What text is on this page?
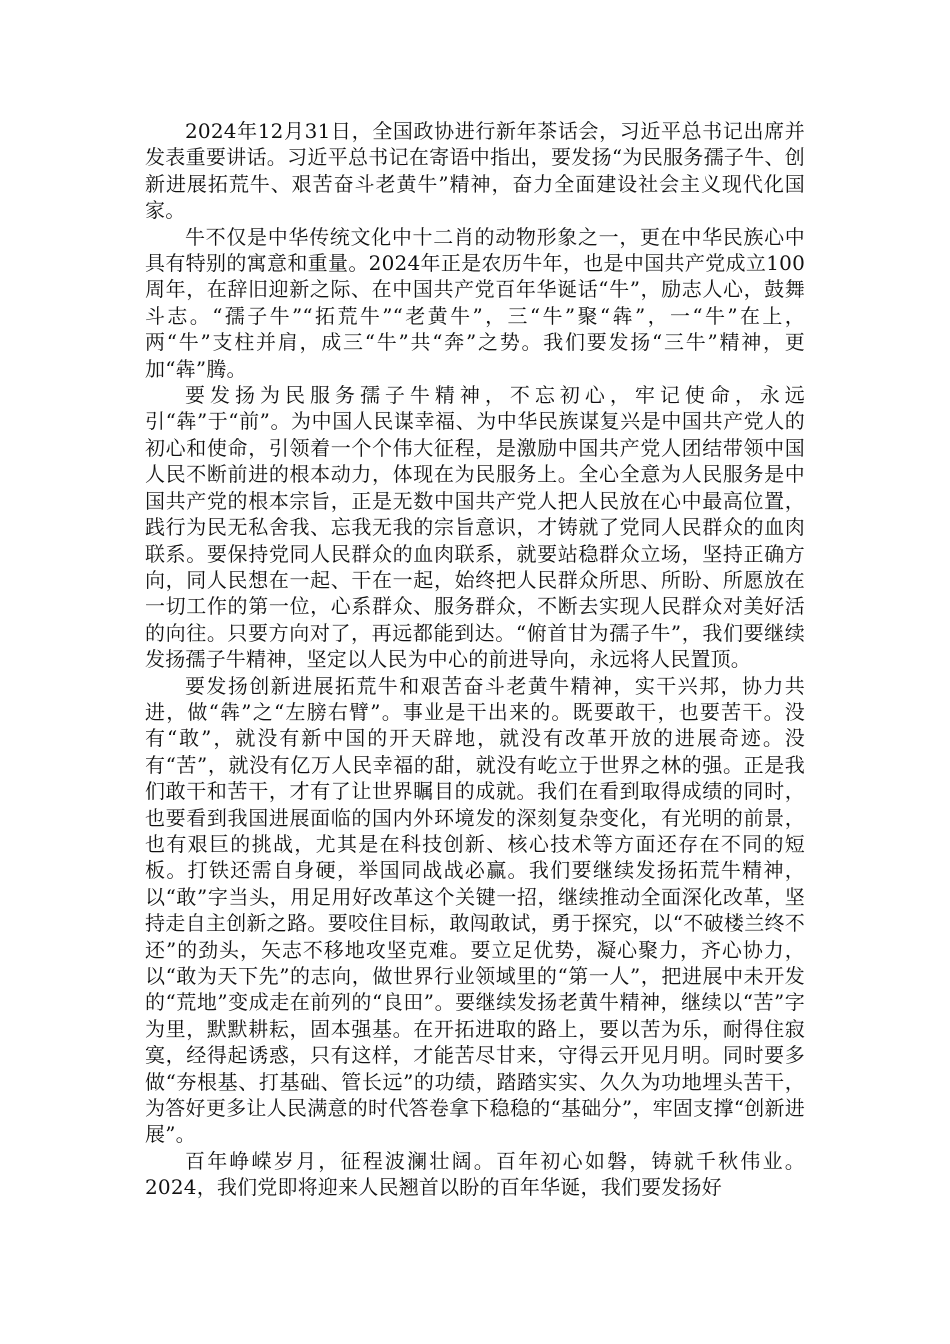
2024年12月31日，全国政协进行新年茶话会，习近平总书记出席并发表重要讲话。习近平总书记在寄语中指出，要发扬“为民服务孺子牛、创新进展拓荒牛、艰苦奋斗老黄牛”精神，奋力全面建设社会主义现代化国家。

牛不仅是中华传统文化中十二肖的动物形象之一，更在中华民族心中具有特别的寓意和重量。2024年正是农历牛年，也是中国共产党成立100周年，在辞旧迎新之际、在中国共产党百年华诞话“牛”，励志人心，鼓舞斗志。“孺子牛”“拓荒牛”“老黄牛”，三“牛”聚“犇”，一“牛”在上，两“牛”支柱并肩，成三“牛”共“奔”之势。我们要发扬“三牛”精神，更加“犇”腾。

要发扬为民服务孺子牛精神，不忘初心，牢记使命，永远引“犇”于“前”。为中国人民谋幸福、为中华民族谋复兴是中国共产党人的初心和使命，引领着一个个伟大征程，是激励中国共产党人团结带领中国人民不断前进的根本动力，体现在为民服务上。全心全意为人民服务是中国共产党的根本宗旨，正是无数中国共产党人把人民放在心中最高位置，践行为民无私舍我、忘我无我的宗旨意识，才铸就了党同人民群众的血肉联系。要保持党同人民群众的血肉联系，就要站稳群众立场，坚持正确方向，同人民想在一起、干在一起，始终把人民群众所思、所盼、所愿放在一切工作的第一位，心系群众、服务群众，不断去实现人民群众对美好活的向往。只要方向对了，再远都能到达。“俯首甘为孺子牛”，我们要继续发扬孺子牛精神，坚定以人民为中心的前进导向，永远将人民置顶。

要发扬创新进展拓荒牛和艰苦奋斗老黄牛精神，实干兴邦，协力共进，做“犇”之“左膀右臂”。事业是干出来的。既要敢干，也要苦干。没有“敢”，就没有新中国的开天辟地，就没有改革开放的进展奇迹。没有“苦”，就没有亿万人民幸福的甜，就没有屹立于世界之林的强。正是我们敢干和苦干，才有了让世界瞩目的成就。我们在看到取得成绩的同时，也要看到我国进展面临的国内外环境发的深刻复杂变化，有光明的前景，也有艰巨的挑战，尤其是在科技创新、核心技术等方面还存在不同的短板。打铁还需自身硬，举国同战战必赢。我们要继续发扬拓荒牛精神，以“敢”字当头，用足用好改革这个关键一招，继续推动全面深化改革，坚持走自主创新之路。要咬住目标，敢闯敢试，勇于探究，以“不破楼兰终不还”的劲头，矢志不移地攻坚克难。要立足优势，凝心聚力，齐心协力，以“敢为天下先”的志向，做世界行业领域里的“第一人”，把进展中未开发的“荒地”变成走在前列的“良田”。要继续发扬老黄牛精神，继续以“苦”字为里，默默耕耘，固本强基。在开拓进取的路上，要以苦为乐，耐得住寂寞，经得起诱惑，只有这样，才能苦尽甘来，守得云开见月明。同时要多做“夯根基、打基础、管长远”的功绩，踏踏实实、久久为功地埋头苦干，为答好更多让人民满意的时代答卷拿下稳稳的“基础分”，牢固支撑“创新进展”。

百年峥嵘岁月，征程波澜壮阔。百年初心如磐，铸就千秋伟业。2024，我们党即将迎来人民翘首以盼的百年华诞，我们要发扬好
